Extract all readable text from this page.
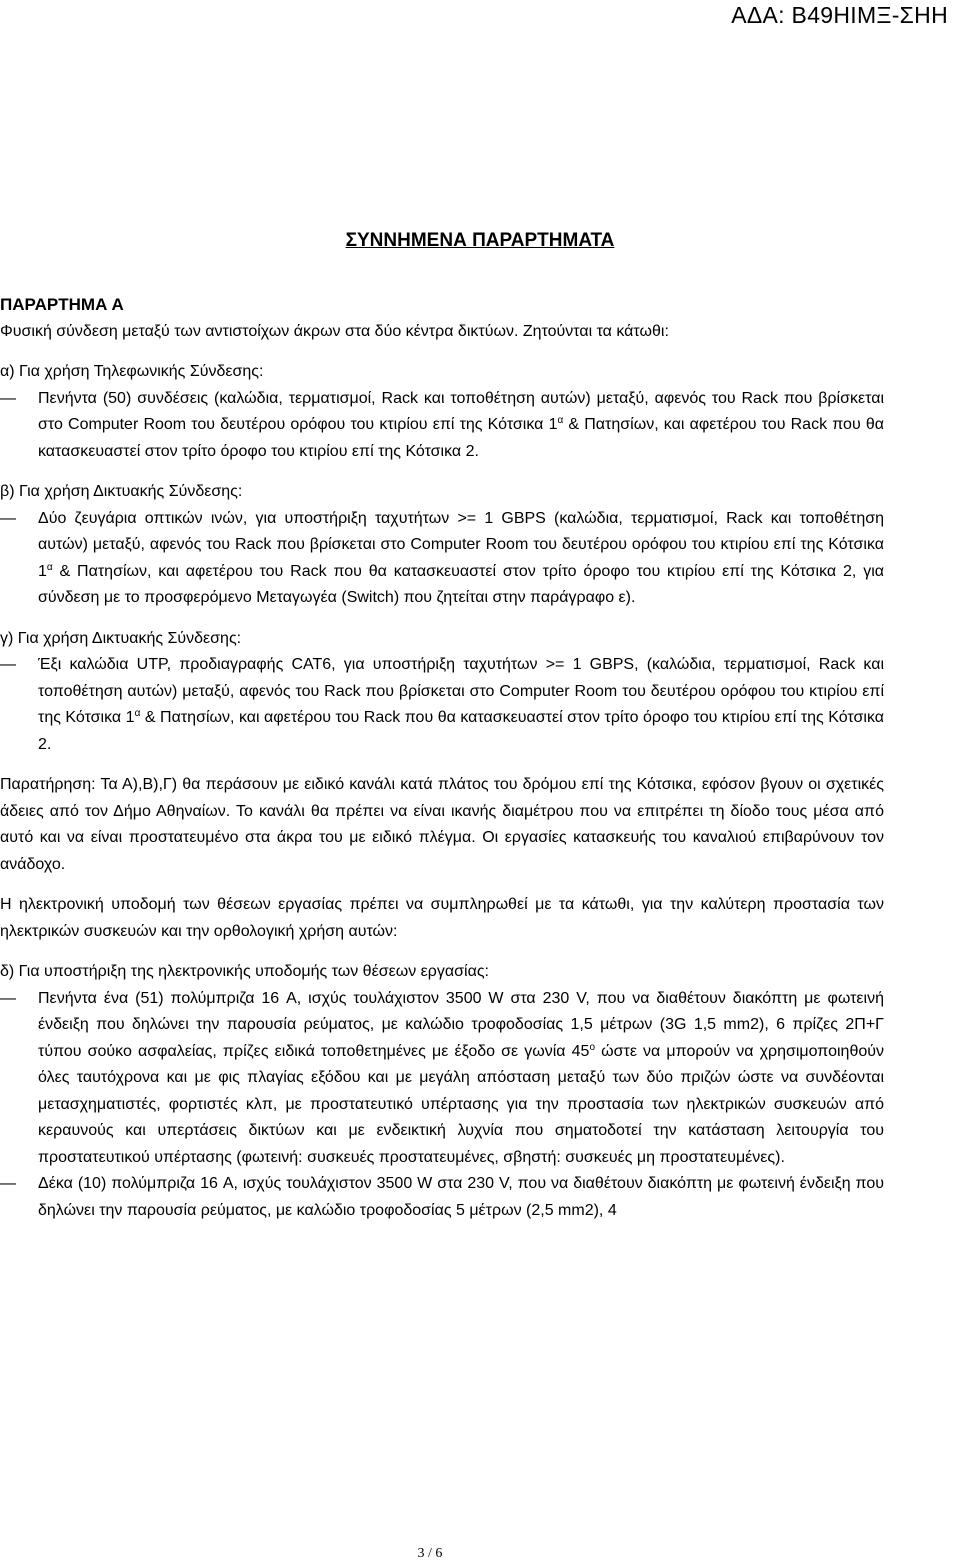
ΑΔΑ: Β49ΗΙΜΞ-ΣΗΗ
ΣΥΝΝΗΜΕΝΑ ΠΑΡΑΡΤΗΜΑΤΑ

ΠΑΡΑΡΤΗΜΑ Α

Φυσική σύνδεση μεταξύ των αντιστοίχων άκρων στα δύο κέντρα δικτύων. Ζητούνται τα κάτωθι:

α) Για χρήση Τηλεφωνικής Σύνδεσης:

— Πενήντα (50) συνδέσεις (καλώδια, τερματισμοί, Rack και τοποθέτηση αυτών) μεταξύ, αφενός του Rack που βρίσκεται στο Computer Room του δευτέρου ορόφου του κτιρίου επί της Κότσικα $1^\alpha$ & Πατησίων, και αφετέρου του Rack που θα κατασκευαστεί στον τρίτο όροφο του κτιρίου επί της Κότσικα 2.

β) Για χρήση Δικτυακής Σύνδεσης:

— Δύο ζευγάρια οπτικών ινών, για υποστήριξη ταχυτήτων >= 1 GBPS (καλώδια, τερματισμοί, Rack και τοποθέτηση αυτών) μεταξύ, αφενός του Rack που βρίσκεται στο Computer Room του δευτέρου ορόφου του κτιρίου επί της Κότσικα $1^\alpha$ & Πατησίων, και αφετέρου του Rack που θα κατασκευαστεί στον τρίτο όροφο του κτιρίου επί της Κότσικα 2, για σύνδεση με το προσφερόμενο Μεταγωγέα (Switch) που ζητείται στην παράγραφο ε).

γ) Για χρήση Δικτυακής Σύνδεσης:

— Έξι καλώδια UTP, προδιαγραφής CAT6, για υποστήριξη ταχυτήτων >= 1 GBPS, (καλώδια, τερματισμοί, Rack και τοποθέτηση αυτών) μεταξύ, αφενός του Rack που βρίσκεται στο Computer Room του δευτέρου ορόφου του κτιρίου επί της Κότσικα $1^\alpha$ & Πατησίων, και αφετέρου του Rack που θα κατασκευαστεί στον τρίτο όροφο του κτιρίου επί της Κότσικα 2.

Παρατήρηση: Τα Α),Β),Γ) θα περάσουν με ειδικό κανάλι κατά πλάτος του δρόμου επί της Κότσικα, εφόσον βγουν οι σχετικές άδειες από τον Δήμο Αθηναίων. Το κανάλι θα πρέπει να είναι ικανής διαμέτρου που να επιτρέπει τη δίοδο τους μέσα από αυτό και να είναι προστατευμένο στα άκρα του με ειδικό πλέγμα. Οι εργασίες κατασκευής του καναλιού επιβαρύνουν τον ανάδοχο.

Η ηλεκτρονική υποδομή των θέσεων εργασίας πρέπει να συμπληρωθεί με τα κάτωθι, για την καλύτερη προστασία των ηλεκτρικών συσκευών και την ορθολογική χρήση αυτών:

δ) Για υποστήριξη της ηλεκτρονικής υποδομής των θέσεων εργασίας:

— Πενήντα ένα (51) πολύμπριζα 16 A, ισχύς τουλάχιστον 3500 W στα 230 V, που να διαθέτουν διακόπτη με φωτεινή ένδειξη που δηλώνει την παρουσία ρεύματος, με καλώδιο τροφοδοσίας 1,5 μέτρων (3G 1,5 mm2), 6 πρίζες 2Π+Γ τύπου σούκο ασφαλείας, πρίζες ειδικά τοποθετημένες με έξοδο σε γωνία $45^o$ ώστε να μπορούν να χρησιμοποιηθούν όλες ταυτόχρονα και με φις πλαγίας εξόδου και με μεγάλη απόσταση μεταξύ των δύο πριζών ώστε να συνδέονται μετασχηματιστές, φορτιστές κλπ, με προστατευτικό υπέρτασης για την προστασία των ηλεκτρικών συσκευών από κεραυνούς και υπερτάσεις δικτύων και με ενδεικτική λυχνία που σηματοδοτεί την κατάσταση λειτουργία του προστατευτικού υπέρτασης (φωτεινή: συσκευές προστατευμένες, σβηστή: συσκευές μη προστατευμένες).
— Δέκα (10) πολύμπριζα 16 A, ισχύς τουλάχιστον 3500 W στα 230 V, που να διαθέτουν διακόπτη με φωτεινή ένδειξη που δηλώνει την παρουσία ρεύματος, με καλώδιο τροφοδοσίας 5 μέτρων (2,5 mm2), 4
3 / 6
